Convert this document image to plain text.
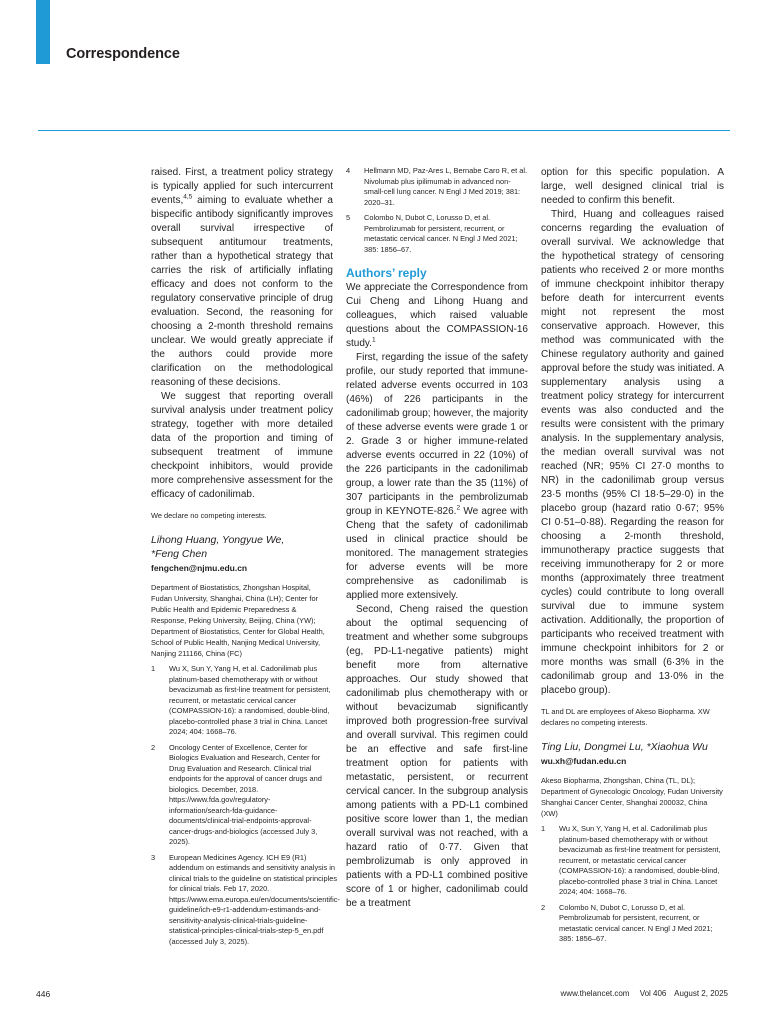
Correspondence

raised. First, a treatment policy strategy is typically applied for such intercurrent events,$^{4,5}$ aiming to evaluate whether a bispecific antibody significantly improves overall survival irrespective of subsequent antitumour treatments, rather than a hypothetical strategy that carries the risk of artificially inflating efficacy and does not conform to the regulatory conservative principle of drug evaluation. Second, the reasoning for choosing a 2-month threshold remains unclear. We would greatly appreciate if the authors could provide more clarification on the methodological reasoning of these decisions.

We suggest that reporting overall survival analysis under treatment policy strategy, together with more detailed data of the proportion and timing of subsequent treatment of immune checkpoint inhibitors, would provide more comprehensive assessment for the efficacy of cadonilimab.

We declare no competing interests.

Lihong Huang, Yongyue We,
*Feng Chen
fengchen@njmu.edu.cn

Department of Biostatistics, Zhongshan Hospital, Fudan University, Shanghai, China (LH); Center for Public Health and Epidemic Preparedness & Response, Peking University, Beijing, China (YW); Department of Biostatistics, Center for Global Health, School of Public Health, Nanjing Medical University, Nanjing 211166, China (FC)

1	Wu X, Sun Y, Yang H, et al. Cadonilimab plus platinum-based chemotherapy with or without bevacizumab as first-line treatment for persistent, recurrent, or metastatic cervical cancer (COMPASSION-16): a randomised, double-blind, placebo-controlled phase 3 trial in China. Lancet 2024; 404: 1668–76.
2	Oncology Center of Excellence, Center for Biologics Evaluation and Research, Center for Drug Evaluation and Research. Clinical trial endpoints for the approval of cancer drugs and biologics. December, 2018. https://www.fda.gov/regulatory-information/search-fda-guidance-documents/clinical-trial-endpoints-approval-cancer-drugs-and-biologics (accessed July 3, 2025).
3	European Medicines Agency. ICH E9 (R1) addendum on estimands and sensitivity analysis in clinical trials to the guideline on statistical principles for clinical trials. Feb 17, 2020. https://www.ema.europa.eu/en/documents/scientific-guideline/ich-e9-r1-addendum-estimands-and-sensitivity-analysis-clinical-trials-guideline-statistical-principles-clinical-trials-step-5_en.pdf (accessed July 3, 2025).
4	Hellmann MD, Paz-Ares L, Bernabe Caro R, et al. Nivolumab plus ipilimumab in advanced non-small-cell lung cancer. N Engl J Med 2019; 381: 2020–31.
5	Colombo N, Dubot C, Lorusso D, et al. Pembrolizumab for persistent, recurrent, or metastatic cervical cancer. N Engl J Med 2021; 385: 1856–67.
Authors’ reply

We appreciate the Correspondence from Cui Cheng and Lihong Huang and colleagues, which raised valuable questions about the COMPASSION-16 study.$^1$

First, regarding the issue of the safety profile, our study reported that immune-related adverse events occurred in 103 (46%) of 226 participants in the cadonilimab group; however, the majority of these adverse events were grade 1 or 2. Grade 3 or higher immune-related adverse events occurred in 22 (10%) of the 226 participants in the cadonilimab group, a lower rate than the 35 (11%) of 307 participants in the pembrolizumab group in KEYNOTE-826.$^2$ We agree with Cheng that the safety of cadonilimab used in clinical practice should be monitored. The management strategies for adverse events will be more comprehensive as cadonilimab is applied more extensively.

Second, Cheng raised the question about the optimal sequencing of treatment and whether some subgroups (eg, PD-L1-negative patients) might benefit more from alternative approaches. Our study showed that cadonilimab plus chemotherapy with or without bevacizumab significantly improved both progression-free survival and overall survival. This regimen could be an effective and safe first-line treatment option for patients with metastatic, persistent, or recurrent cervical cancer. In the subgroup analysis among patients with a PD-L1 combined positive score lower than 1, the median overall survival was not reached, with a hazard ratio of 0·77. Given that pembrolizumab is only approved in patients with a PD-L1 combined positive score of 1 or higher, cadonilimab could be a treatment

option for this specific population. A large, well designed clinical trial is needed to confirm this benefit.

Third, Huang and colleagues raised concerns regarding the evaluation of overall survival. We acknowledge that the hypothetical strategy of censoring patients who received 2 or more months of immune checkpoint inhibitor therapy before death for intercurrent events might not represent the most conservative approach. However, this method was communicated with the Chinese regulatory authority and gained approval before the study was initiated. A supplementary analysis using a treatment policy strategy for intercurrent events was also conducted and the results were consistent with the primary analysis. In the supplementary analysis, the median overall survival was not reached (NR; 95% CI 27·0 months to NR) in the cadonilimab group versus 23·5 months (95% CI 18·5–29·0) in the placebo group (hazard ratio 0·67; 95% CI 0·51–0·88). Regarding the reason for choosing a 2-month threshold, immunotherapy practice suggests that receiving immunotherapy for 2 or more months (approximately three treatment cycles) could contribute to long overall survival due to immune system activation. Additionally, the proportion of participants who received treatment with immune checkpoint inhibitors for 2 or more months was small (6·3% in the cadonilimab group and 13·0% in the placebo group).

TL and DL are employees of Akeso Biopharma. XW declares no competing interests.

Ting Liu, Dongmei Lu, *Xiaohua Wu
wu.xh@fudan.edu.cn

Akeso Biopharma, Zhongshan, China (TL, DL); Department of Gynecologic Oncology, Fudan University Shanghai Cancer Center, Shanghai 200032, China (XW)

1	Wu X, Sun Y, Yang H, et al. Cadonilimab plus platinum-based chemotherapy with or without bevacizumab as first-line treatment for persistent, recurrent, or metastatic cervical cancer (COMPASSION-16): a randomised, double-blind, placebo-controlled phase 3 trial in China. Lancet 2024; 404: 1668–76.
2	Colombo N, Dubot C, Lorusso D, et al. Pembrolizumab for persistent, recurrent, or metastatic cervical cancer. N Engl J Med 2021; 385: 1856–67.
446	www.thelancet.com Vol 406 August 2, 2025
